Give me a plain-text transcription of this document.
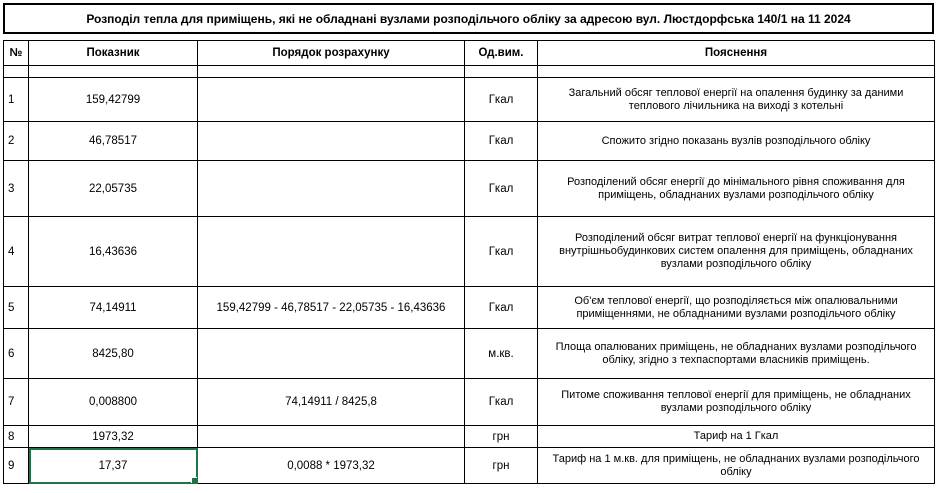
Розподіл тепла для приміщень, які не обладнані вузлами розподільчого обліку за адресою вул. Люстдорфська 140/1 на 11 2024
№	Показник	Порядок розрахунку	Од.вим.	Пояснення

1	159,42799		Гкал	Загальний обсяг теплової енергії на опалення будинку за даними теплового лічильника на виході з котельні
2	46,78517		Гкал	Спожито згідно показань вузлів розподільчого обліку
3	22,05735		Гкал	Розподілений обсяг енергії до мінімального рівня споживання для приміщень, обладнаних вузлами розподільчого обліку
4	16,43636		Гкал	Розподілений обсяг витрат теплової енергії на функціонування внутрішньобудинкових систем опалення для приміщень, обладнаних вузлами розподільчого обліку
5	74,14911	159,42799 - 46,78517 - 22,05735 - 16,43636	Гкал	Об'єм теплової енергії, що розподіляється між опалювальними приміщеннями, не обладнаними вузлами розподільчого обліку
6	8425,80		м.кв.	Площа опалюваних приміщень, не обладнаних вузлами розподільчого обліку, згідно з техпаспортами власників приміщень.
7	0,008800	74,14911 / 8425,8	Гкал	Питоме споживання теплової енергії для приміщень, не обладнаних вузлами розподільчого обліку
8	1973,32		грн	Тариф на 1 Гкал
9	17,37	0,0088 * 1973,32	грн	Тариф на 1 м.кв. для приміщень, не обладнаних вузлами розподільчого обліку
